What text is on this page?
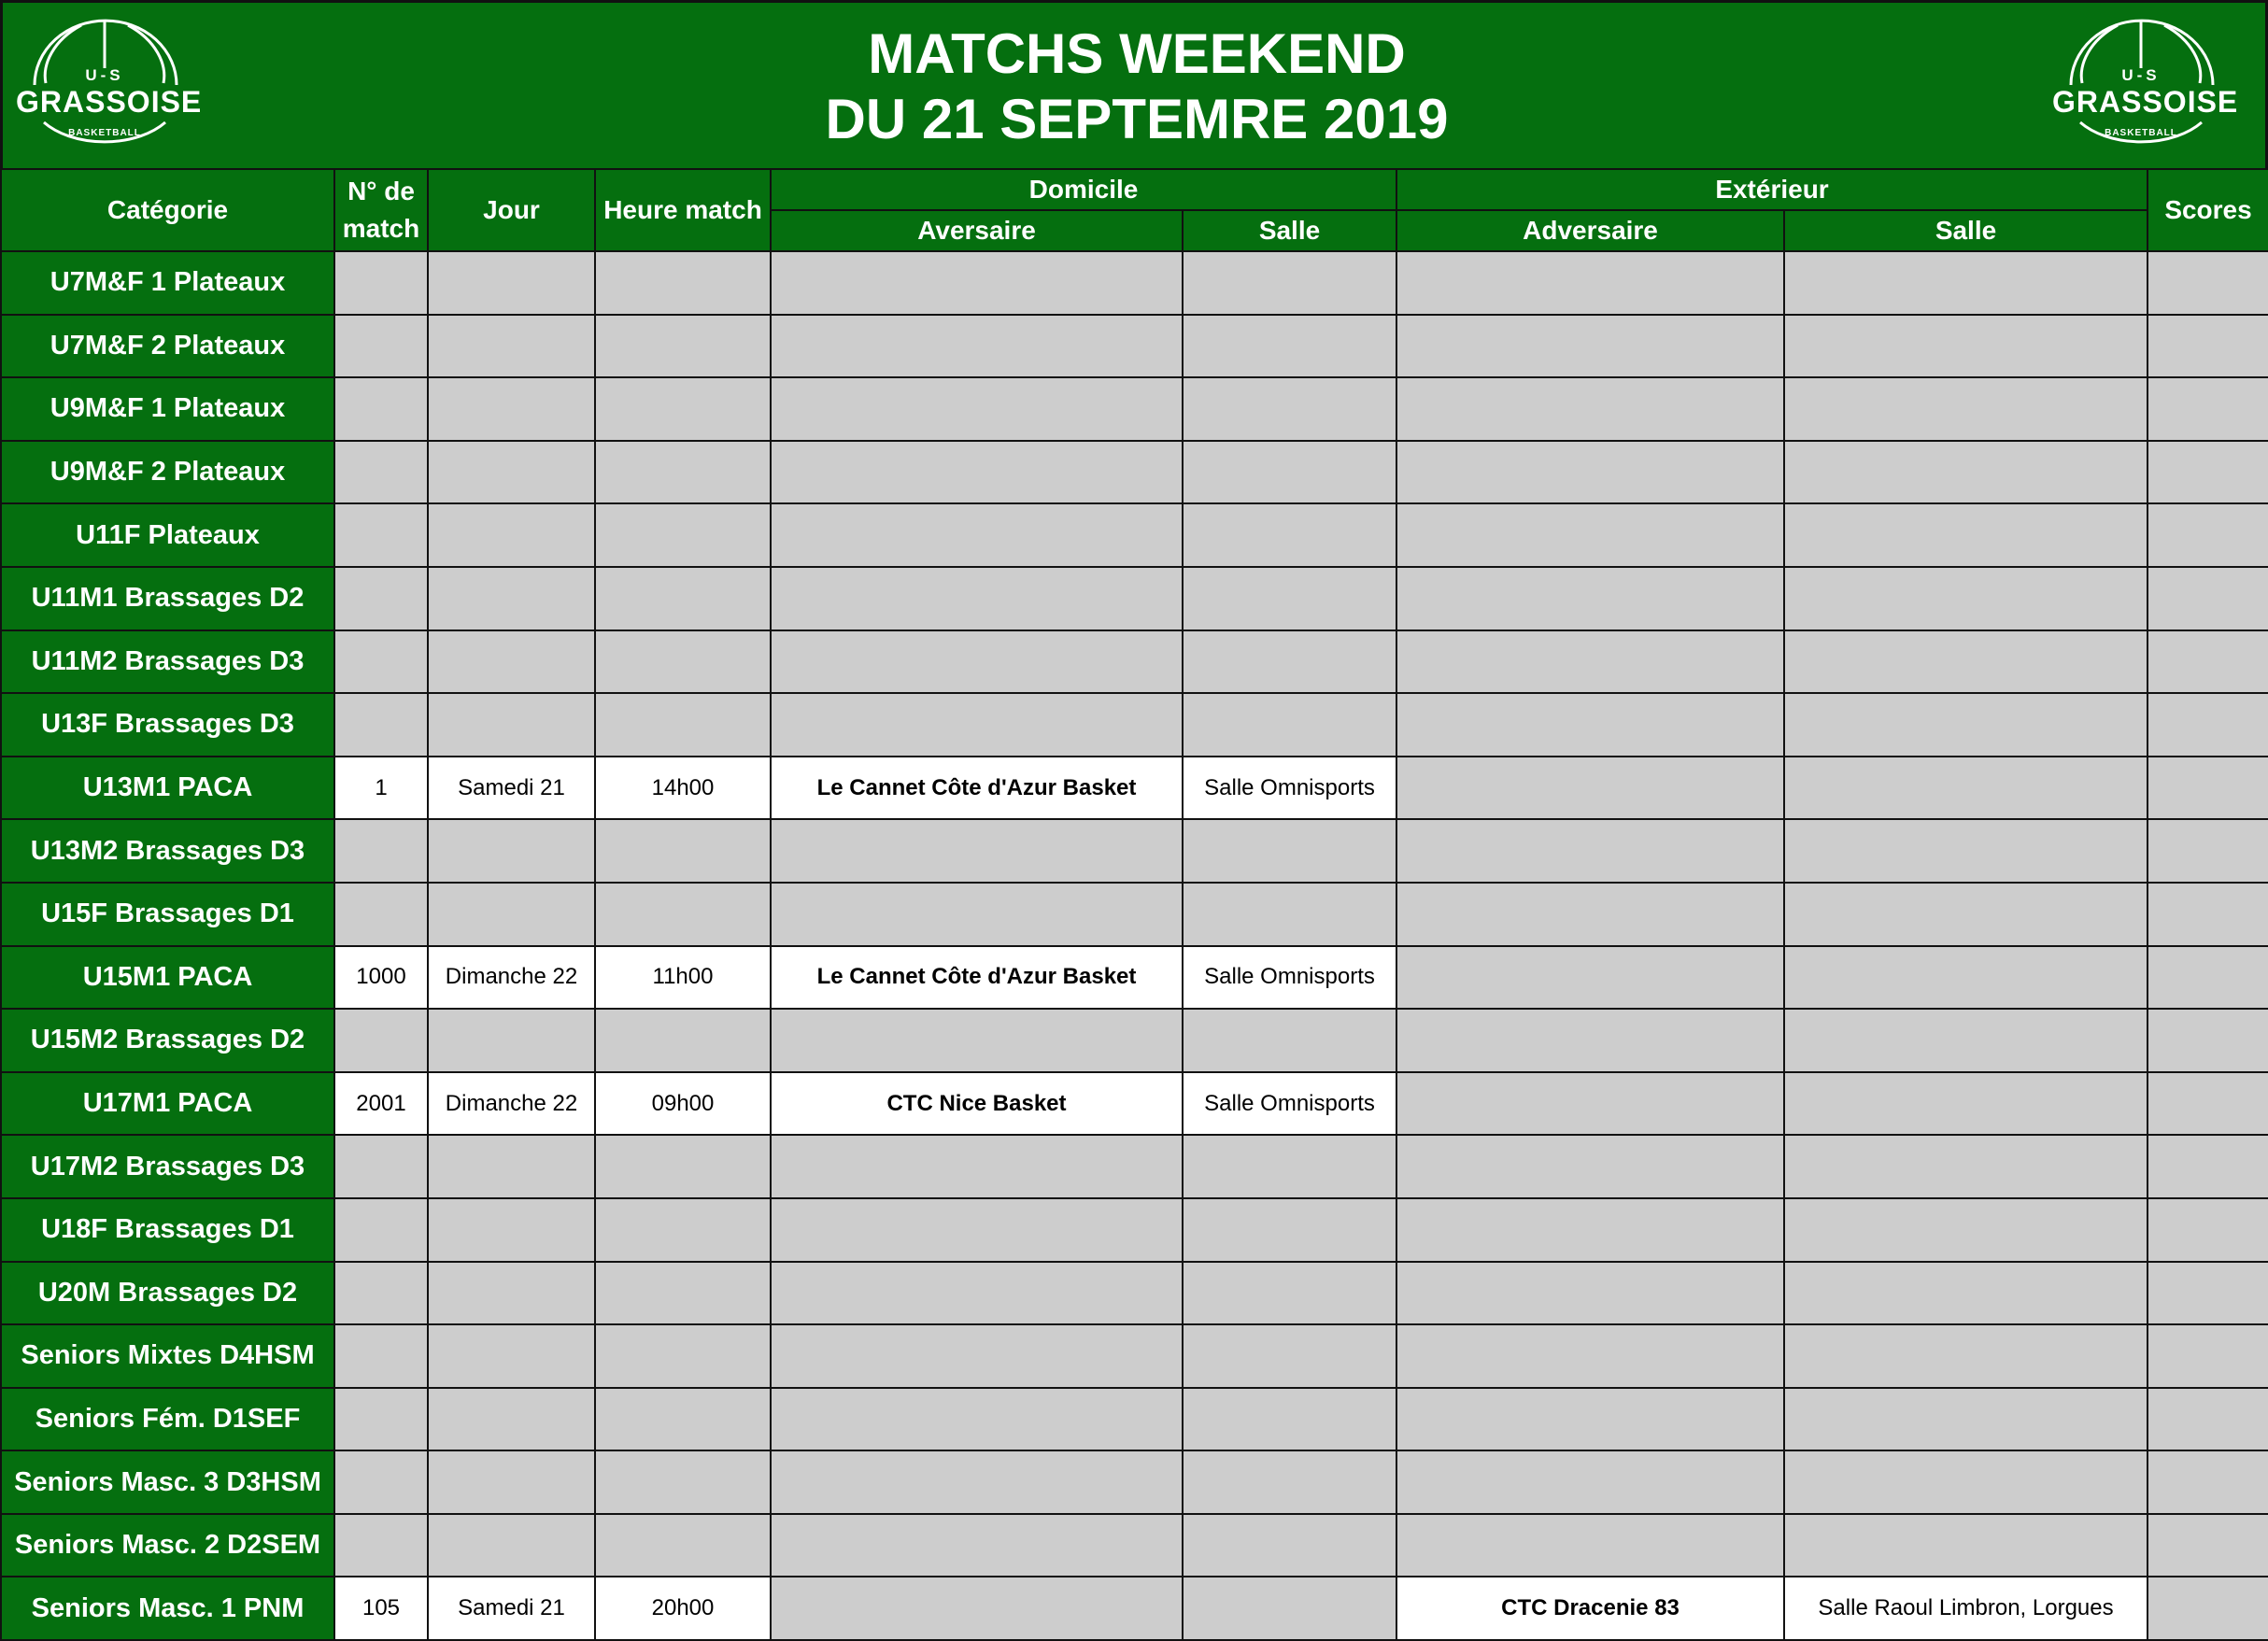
U-S
GRASSOISE
BASKETBALL
MATCHS WEEKEND
DU 21 SEPTEMRE 2019
U-S
GRASSOISE
BASKETBALL
Catégorie	N° de match	Jour	Heure match	Domicile		Extérieur		Scores
				Aversaire	Salle	Adversaire	Salle	
U7M&F 1 Plateaux								
U7M&F 2 Plateaux								
U9M&F 1 Plateaux								
U9M&F 2 Plateaux								
U11F Plateaux								
U11M1 Brassages D2								
U11M2 Brassages D3								
U13F Brassages D3								
U13M1 PACA	1	Samedi 21	14h00	Le Cannet Côte d'Azur Basket	Salle Omnisports			
U13M2 Brassages D3								
U15F Brassages D1								
U15M1 PACA	1000	Dimanche 22	11h00	Le Cannet Côte d'Azur Basket	Salle Omnisports			
U15M2 Brassages D2								
U17M1 PACA	2001	Dimanche 22	09h00	CTC Nice Basket	Salle Omnisports			
U17M2 Brassages D3								
U18F Brassages D1								
U20M Brassages D2								
Seniors Mixtes D4HSM								
Seniors Fém. D1SEF								
Seniors Masc. 3 D3HSM								
Seniors Masc. 2 D2SEM								
Seniors Masc. 1 PNM	105	Samedi 21	20h00			CTC Dracenie 83	Salle Raoul Limbron, Lorgues	
